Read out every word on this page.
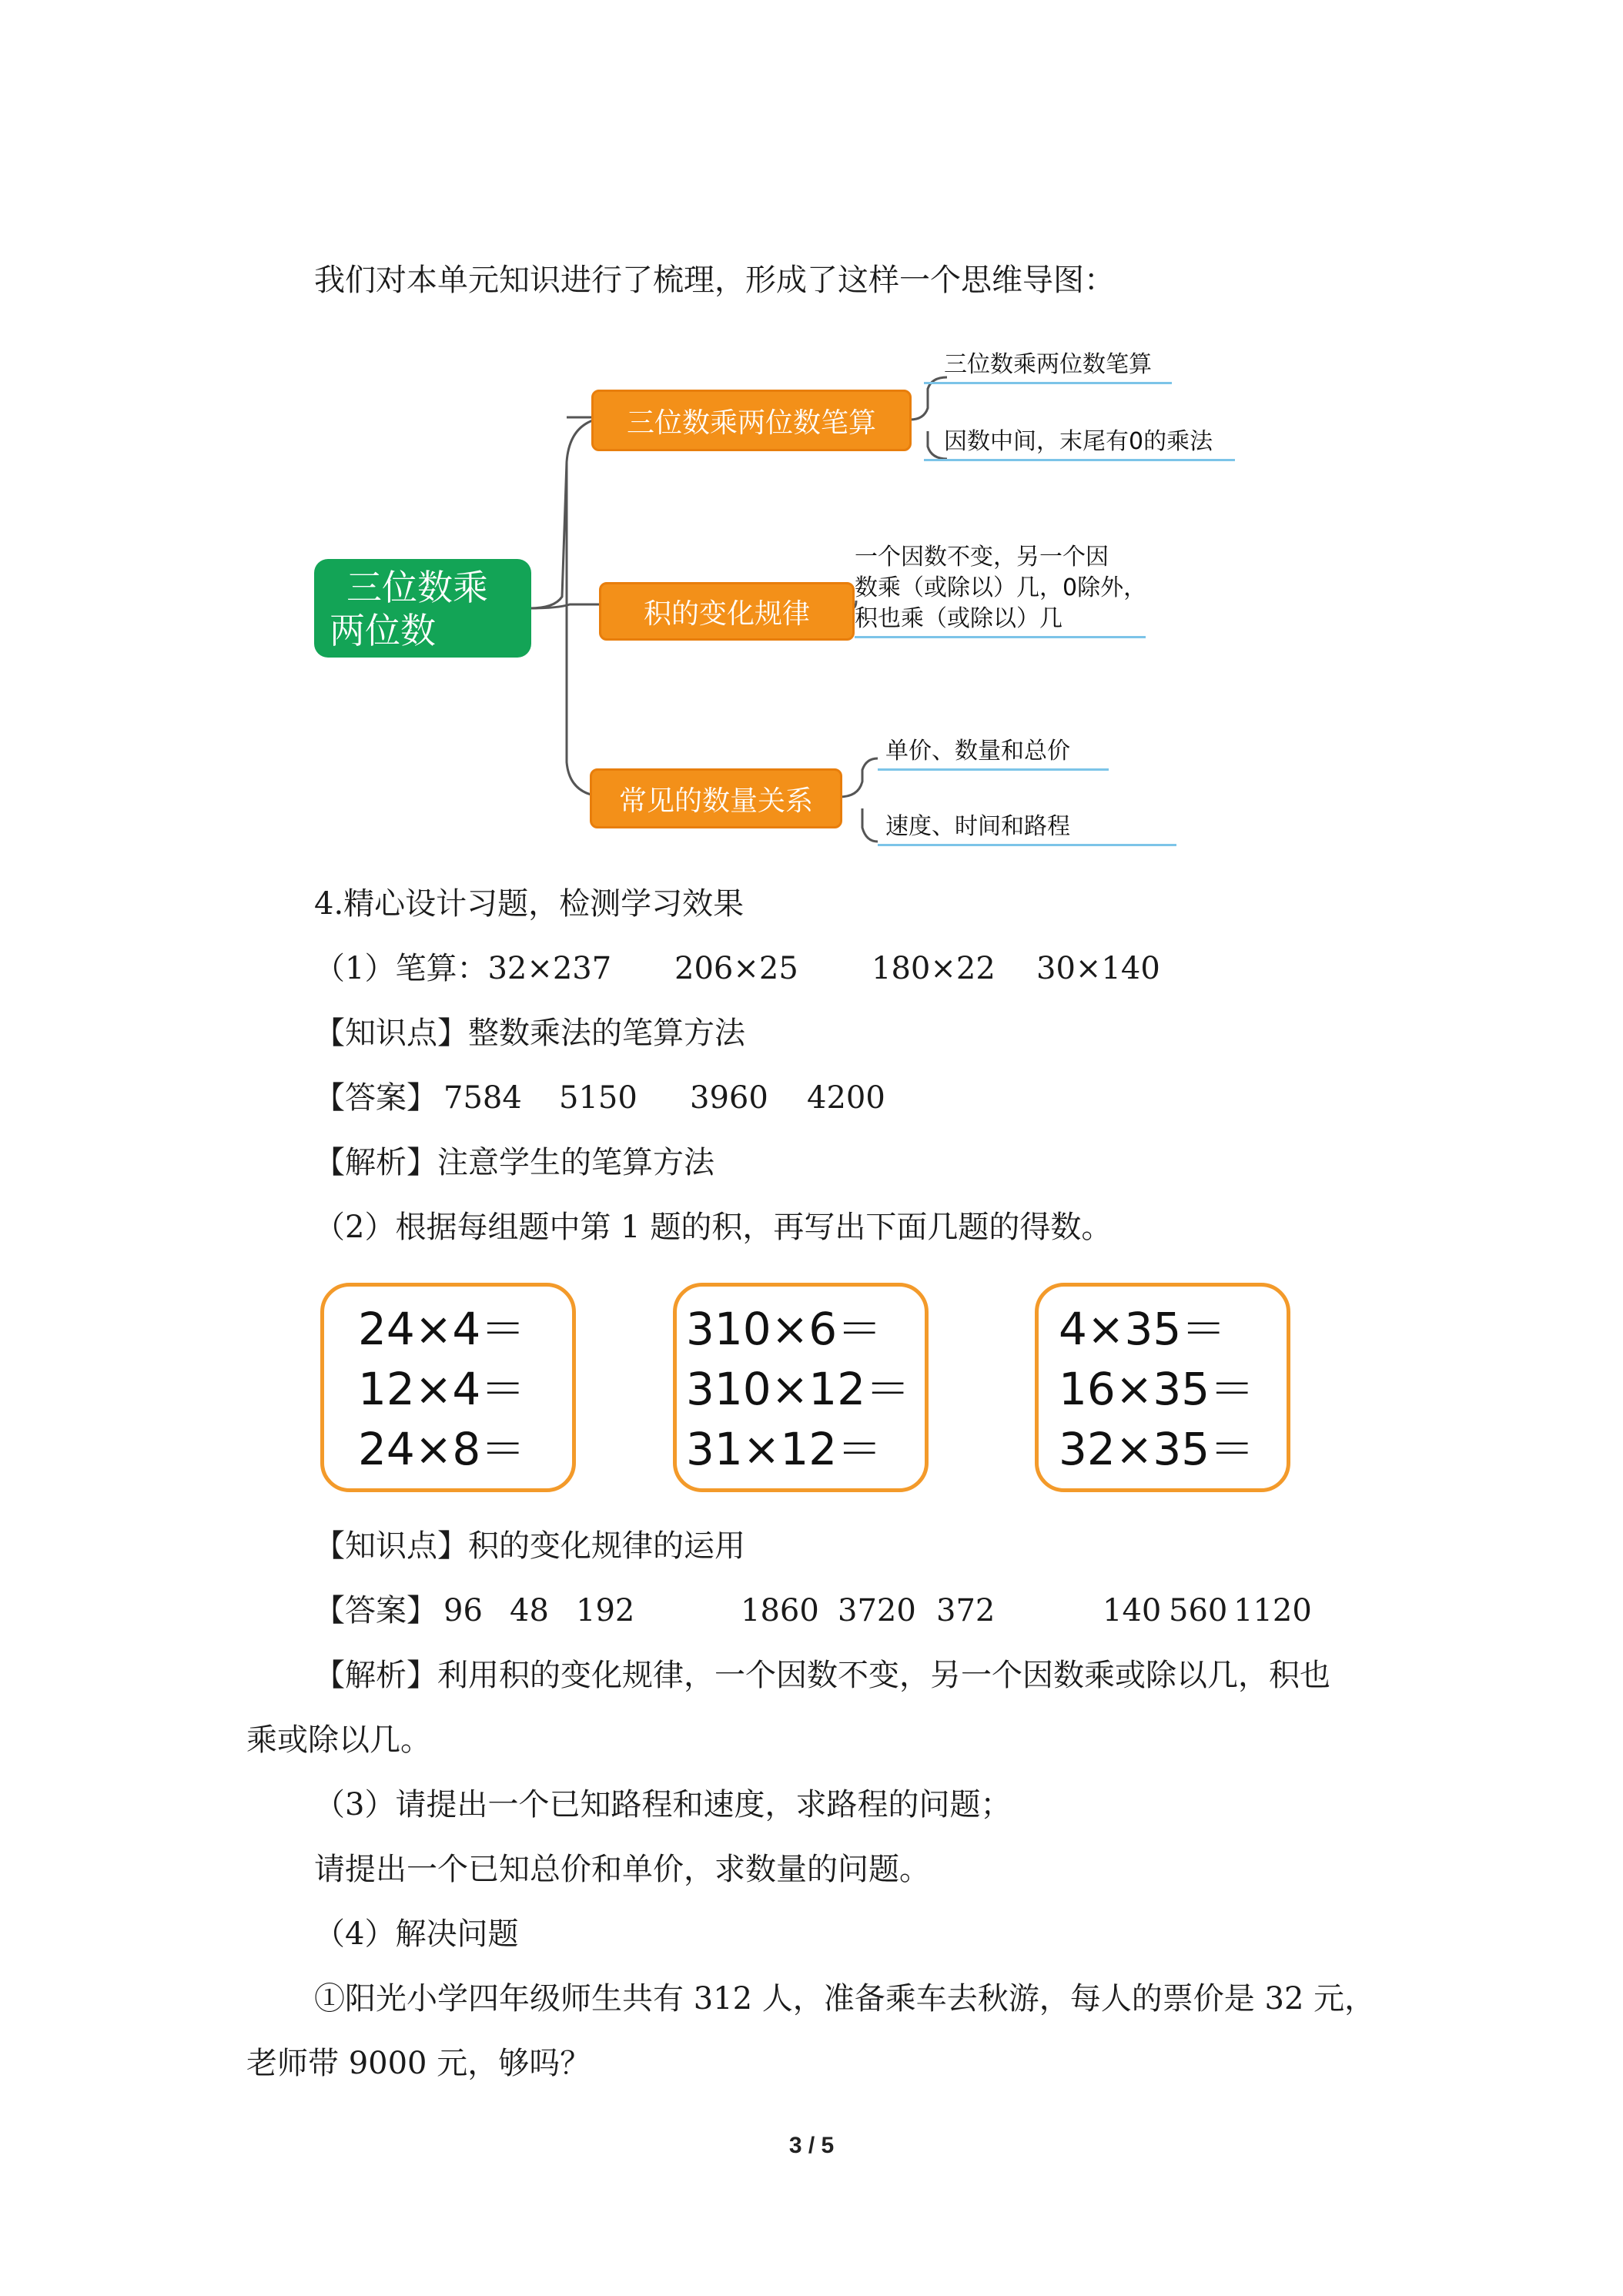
我们对本单元知识进行了梳理，形成了这样一个思维导图：
三位数乘
两位数
三位数乘两位数笔算
三位数乘两位数笔算
因数中间，末尾有0的乘法
积的变化规律
一个因数不变，另一个因
数乘（或除以）几，0除外，
积也乘（或除以）几
常见的数量关系
单价、数量和总价
速度、时间和路程
4.精心设计习题，检测学习效果
（1）笔算：32×237 206×25 180×22 30×140
【知识点】整数乘法的笔算方法
【答案】 7584 5150 3960 4200
【解析】注意学生的笔算方法
（2）根据每组题中第 1 题的积，再写出下面几题的得数。
24×4＝
12×4＝
24×8＝
310×6＝
310×12＝
31×12＝
4×35＝
16×35＝
32×35＝
【知识点】积的变化规律的运用
【答案】 96 48 192	1860 3720 372	140 560 1120
【解析】利用积的变化规律，一个因数不变，另一个因数乘或除以几，积也
乘或除以几。
（3）请提出一个已知路程和速度，求路程的问题；
请提出一个已知总价和单价，求数量的问题。
（4）解决问题
①阳光小学四年级师生共有 312 人，准备乘车去秋游，每人的票价是 32 元，
老师带 9000 元，够吗？
3 / 5
